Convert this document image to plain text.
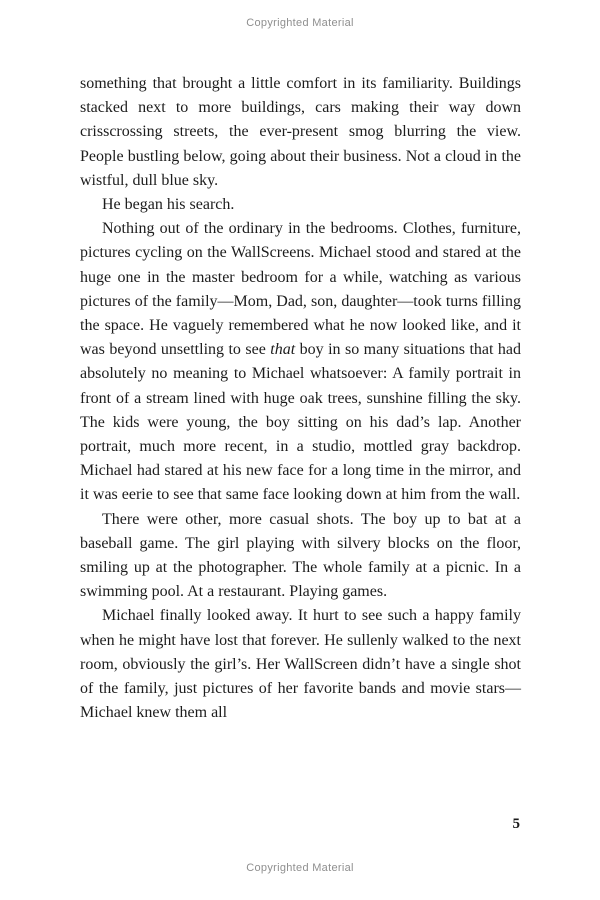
Copyrighted Material

something that brought a little comfort in its familiarity. Buildings stacked next to more buildings, cars making their way down crisscrossing streets, the ever-present smog blurring the view. People bustling below, going about their business. Not a cloud in the wistful, dull blue sky.

He began his search.

Nothing out of the ordinary in the bedrooms. Clothes, furniture, pictures cycling on the WallScreens. Michael stood and stared at the huge one in the master bedroom for a while, watching as various pictures of the family—Mom, Dad, son, daughter—took turns filling the space. He vaguely remembered what he now looked like, and it was beyond unsettling to see that boy in so many situations that had absolutely no meaning to Michael whatsoever: A family portrait in front of a stream lined with huge oak trees, sunshine filling the sky. The kids were young, the boy sitting on his dad’s lap. Another portrait, much more recent, in a studio, mottled gray backdrop. Michael had stared at his new face for a long time in the mirror, and it was eerie to see that same face looking down at him from the wall.

There were other, more casual shots. The boy up to bat at a baseball game. The girl playing with silvery blocks on the floor, smiling up at the photographer. The whole family at a picnic. In a swimming pool. At a restaurant. Playing games.

Michael finally looked away. It hurt to see such a happy family when he might have lost that forever. He sullenly walked to the next room, obviously the girl’s. Her WallScreen didn’t have a single shot of the family, just pictures of her favorite bands and movie stars—Michael knew them all

5
Copyrighted Material
